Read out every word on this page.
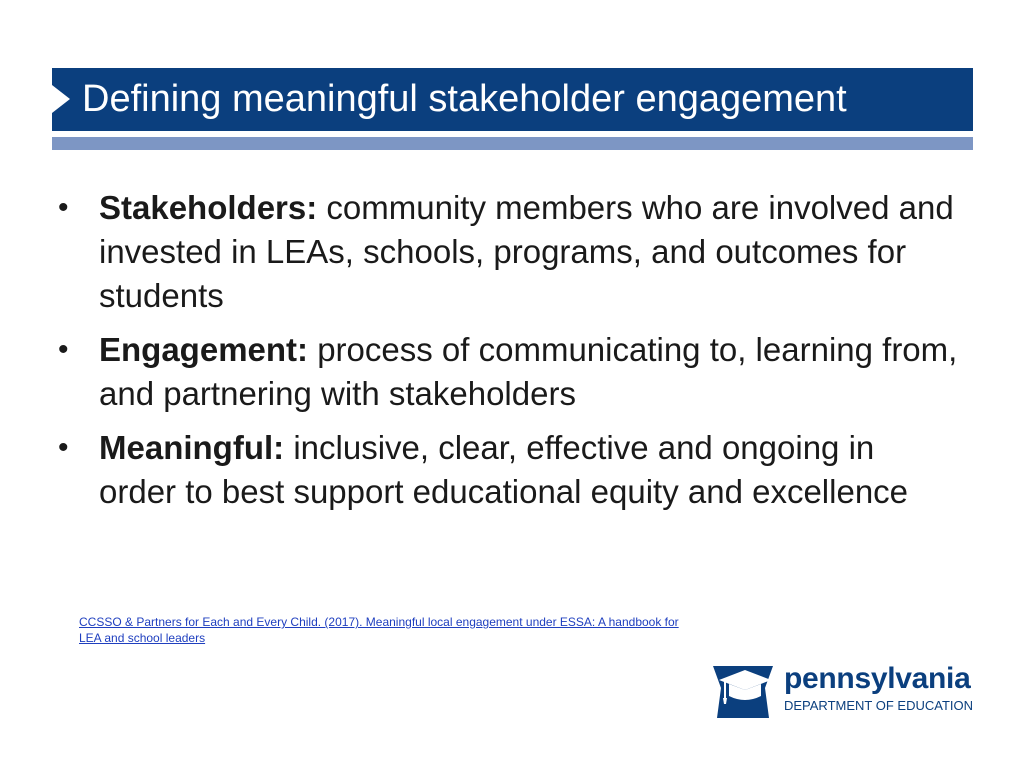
Defining meaningful stakeholder engagement
• Stakeholders: community members who are involved and invested in LEAs, schools, programs, and outcomes for students
• Engagement: process of communicating to, learning from, and partnering with stakeholders
• Meaningful: inclusive, clear, effective and ongoing in order to best support educational equity and excellence
CCSSO & Partners for Each and Every Child. (2017). Meaningful local engagement under ESSA: A handbook for LEA and school leaders
pennsylvania
DEPARTMENT OF EDUCATION
